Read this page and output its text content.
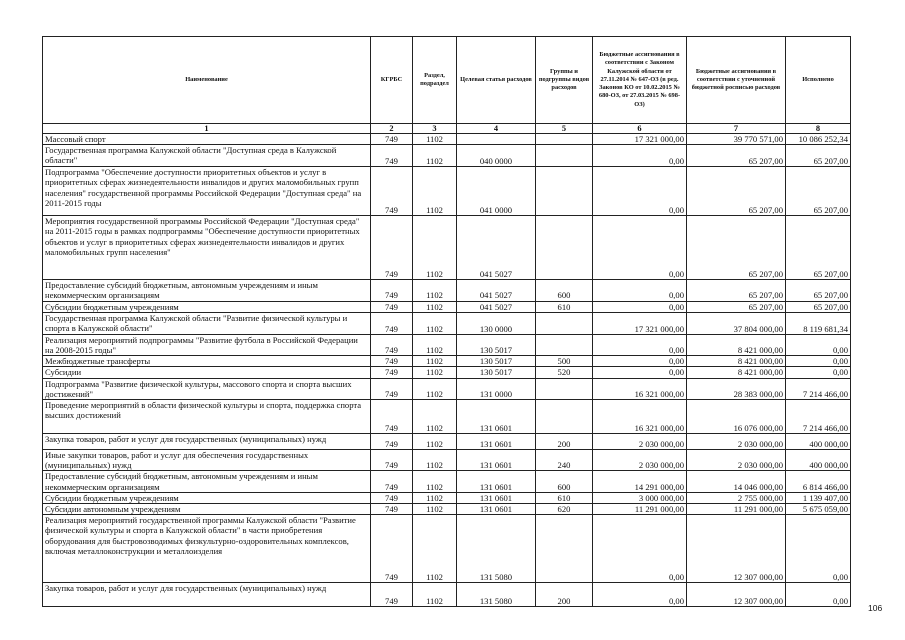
Наименование	КГРБС	Раздел, подраздел	Целевая статья расходов	Группы и подгруппы видов расходов	Бюджетные ассигнования в соответствии с Законом Калужской области от 27.11.2014 № 647-ОЗ (в ред. Законов КО от 10.02.2015 № 680-ОЗ, от 27.03.2015 № 698-ОЗ)	Бюджетные ассигнования в соответствии с уточненной бюджетной росписью расходов	Исполнено
1	2	3	4	5	6	7	8
Массовый спорт	749	1102			17 321 000,00	39 770 571,00	10 086 252,34
Государственная программа Калужской области "Доступная среда в Калужской области"	749	1102	040 0000		0,00	65 207,00	65 207,00
Подпрограмма "Обеспечение доступности приоритетных объектов и услуг в приоритетных сферах жизнедеятельности инвалидов и других маломобильных групп населения" государственной программы Российской Федерации "Доступная среда" на 2011-2015 годы	749	1102	041 0000		0,00	65 207,00	65 207,00
Мероприятия государственной программы Российской Федерации "Доступная среда" на 2011-2015 годы в рамках подпрограммы "Обеспечение доступности приоритетных объектов и услуг в приоритетных сферах жизнедеятельности инвалидов и других маломобильных групп населения"	749	1102	041 5027		0,00	65 207,00	65 207,00
Предоставление субсидий бюджетным, автономным учреждениям и иным некоммерческим организациям	749	1102	041 5027	600	0,00	65 207,00	65 207,00
Субсидии бюджетным учреждениям	749	1102	041 5027	610	0,00	65 207,00	65 207,00
Государственная программа Калужской области "Развитие физической культуры и спорта в Калужской области"	749	1102	130 0000		17 321 000,00	37 804 000,00	8 119 681,34
Реализация мероприятий подпрограммы "Развитие футбола в Российской Федерации на 2008-2015 годы"	749	1102	130 5017		0,00	8 421 000,00	0,00
Межбюджетные трансферты	749	1102	130 5017	500	0,00	8 421 000,00	0,00
Субсидии	749	1102	130 5017	520	0,00	8 421 000,00	0,00
Подпрограмма "Развитие физической культуры, массового спорта и спорта высших достижений"	749	1102	131 0000		16 321 000,00	28 383 000,00	7 214 466,00
Проведение мероприятий в области физической культуры и спорта, поддержка спорта высших достижений	749	1102	131 0601		16 321 000,00	16 076 000,00	7 214 466,00
Закупка товаров, работ и услуг для государственных (муниципальных) нужд	749	1102	131 0601	200	2 030 000,00	2 030 000,00	400 000,00
Иные закупки товаров, работ и услуг для обеспечения государственных (муниципальных) нужд	749	1102	131 0601	240	2 030 000,00	2 030 000,00	400 000,00
Предоставление субсидий бюджетным, автономным учреждениям и иным некоммерческим организациям	749	1102	131 0601	600	14 291 000,00	14 046 000,00	6 814 466,00
Субсидии бюджетным учреждениям	749	1102	131 0601	610	3 000 000,00	2 755 000,00	1 139 407,00
Субсидии автономным учреждениям	749	1102	131 0601	620	11 291 000,00	11 291 000,00	5 675 059,00
Реализация мероприятий государственной программы Калужской области "Развитие физической культуры и спорта в Калужской области" в части приобретения оборудования для быстровозводимых физкультурно-оздоровительных комплексов, включая металлоконструкции и металлоизделия	749	1102	131 5080		0,00	12 307 000,00	0,00
Закупка товаров, работ и услуг для государственных (муниципальных) нужд	749	1102	131 5080	200	0,00	12 307 000,00	0,00
106
